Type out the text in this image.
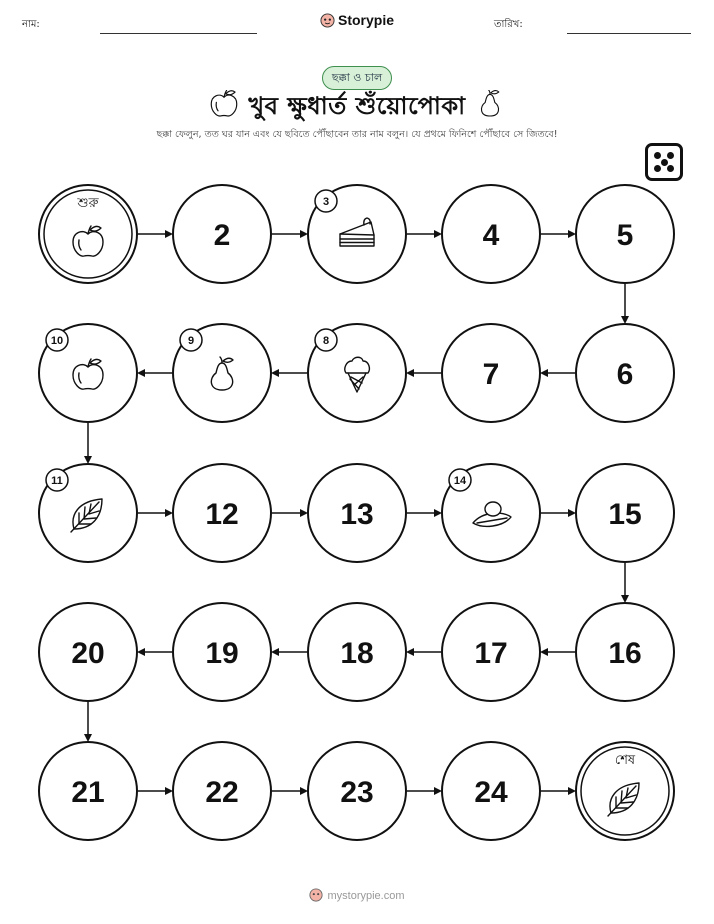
নাম:	Storypie	তারিখ:
ছক্কা ও চাল
খুব ক্ষুধার্ত শুঁয়োপোকা
ছক্কা ফেলুন, তত ঘর যান এবং যে ছবিতে পৌঁছাবেন তার নাম বলুন। যে প্রথমে ফিনিশে পৌঁছাবে সে জিতবে!
শুরু
2
3
4	5
6
7
8
9
10
11
12	13
14
15
16
17
18
19
20
21	22	23	24
শেষ
mystorypie.com
